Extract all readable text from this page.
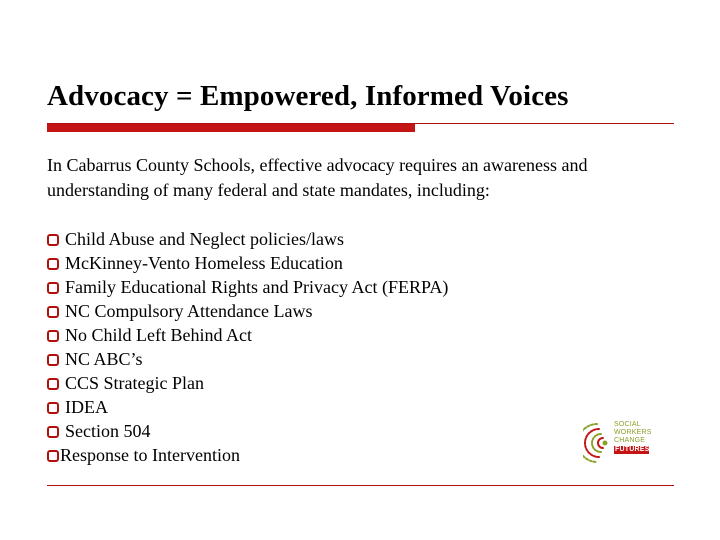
Advocacy = Empowered, Informed Voices
In Cabarrus County Schools, effective advocacy requires an awareness and
understanding of many federal and state mandates, including:
Child Abuse and Neglect policies/laws
McKinney-Vento Homeless Education
Family Educational Rights and Privacy Act (FERPA)
NC Compulsory Attendance Laws
No Child Left Behind Act
NC ABC’s
CCS Strategic Plan
IDEA
Section 504
Response to Intervention
SOCIAL
WORKERS
CHANGE
FUTURES
